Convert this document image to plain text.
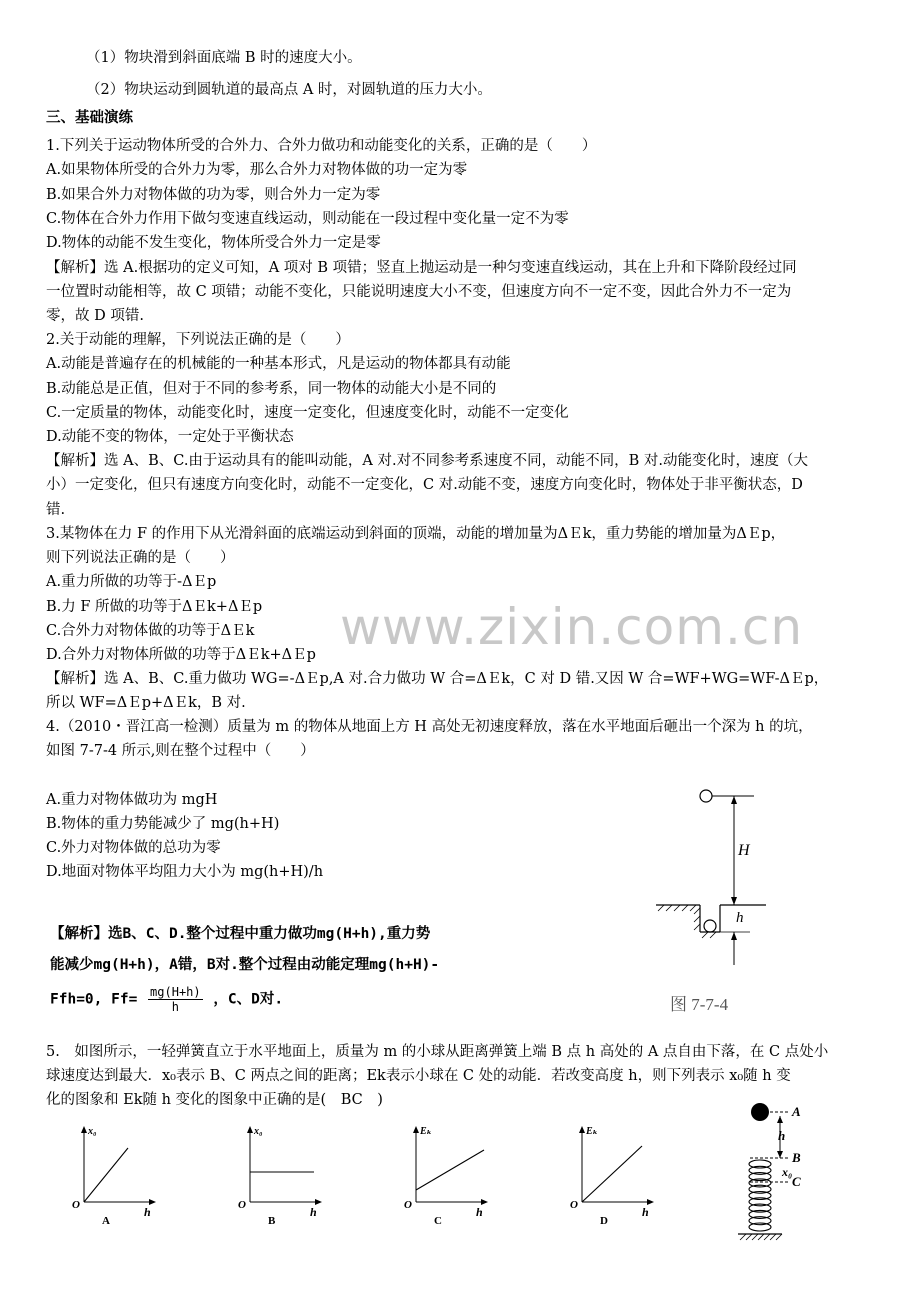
（1）物块滑到斜面底端 B 时的速度大小。
（2）物块运动到圆轨道的最高点 A 时，对圆轨道的压力大小。
三、基础演练
1.下列关于运动物体所受的合外力、合外力做功和动能变化的关系，正确的是（　　）
A.如果物体所受的合外力为零，那么合外力对物体做的功一定为零
B.如果合外力对物体做的功为零，则合外力一定为零
C.物体在合外力作用下做匀变速直线运动，则动能在一段过程中变化量一定不为零
D.物体的动能不发生变化，物体所受合外力一定是零
【解析】选 A.根据功的定义可知，A 项对 B 项错；竖直上抛运动是一种匀变速直线运动，其在上升和下降阶段经过同
一位置时动能相等，故 C 项错；动能不变化，只能说明速度大小不变，但速度方向不一定不变，因此合外力不一定为
零，故 D 项错.
2.关于动能的理解，下列说法正确的是（　　）
A.动能是普遍存在的机械能的一种基本形式，凡是运动的物体都具有动能
B.动能总是正值，但对于不同的参考系，同一物体的动能大小是不同的
C.一定质量的物体，动能变化时，速度一定变化，但速度变化时，动能不一定变化
D.动能不变的物体，一定处于平衡状态
【解析】选 A、B、C.由于运动具有的能叫动能，A 对.对不同参考系速度不同，动能不同，B 对.动能变化时，速度（大
小）一定变化，但只有速度方向变化时，动能不一定变化，C 对.动能不变，速度方向变化时，物体处于非平衡状态，D
错.
3.某物体在力 F 的作用下从光滑斜面的底端运动到斜面的顶端，动能的增加量为ΔＥk，重力势能的增加量为ΔＥp，
则下列说法正确的是（　　）
A.重力所做的功等于-ΔＥp
B.力 F 所做的功等于ΔＥk+ΔＥp
C.合外力对物体做的功等于ΔＥk
D.合外力对物体所做的功等于ΔＥk+ΔＥp
【解析】选 A、B、C.重力做功 WG=-ΔＥp,A 对.合力做功 W 合=ΔＥk，C 对 D 错.又因 W 合=WF+WG=WF-ΔＥp，
所以 WF=ΔＥp+ΔＥk，B 对.
4.（2010・晋江高一检测）质量为 m 的物体从地面上方 H 高处无初速度释放，落在水平地面后砸出一个深为 h 的坑，
如图 7-7-4 所示,则在整个过程中（　　）
A.重力对物体做功为 mgH
B.物体的重力势能减少了 mg(h+H)
C.外力对物体做的总功为零
D.地面对物体平均阻力大小为 mg(h+H)/h
【解析】选B、C、D.整个过程中重力做功mg(H+h),重力势
能减少mg(H+h)，A错，B对.整个过程由动能定理mg(h+H)-
Ffh=0, $Ff= \frac{mg(H+h)}{h}$ ，C、D对.
H
h
图 7-7-4
www.zixin.com.cn
5.　如图所示，一轻弹簧直立于水平地面上，质量为 m 的小球从距离弹簧上端 B 点 h 高处的 A 点自由下落，在 C 点处小
球速度达到最大．x₀表示 B、C 两点之间的距离；Ek表示小球在 C 处的动能．若改变高度 h，则下列表示 x₀随 h 变
化的图象和 Ek随 h 变化的图象中正确的是(　BC　)
x₀
O	h
A
x₀
O	h
B
Eₖ
O	h
C
Eₖ
O	h
D
A
h
B
x₀
C
